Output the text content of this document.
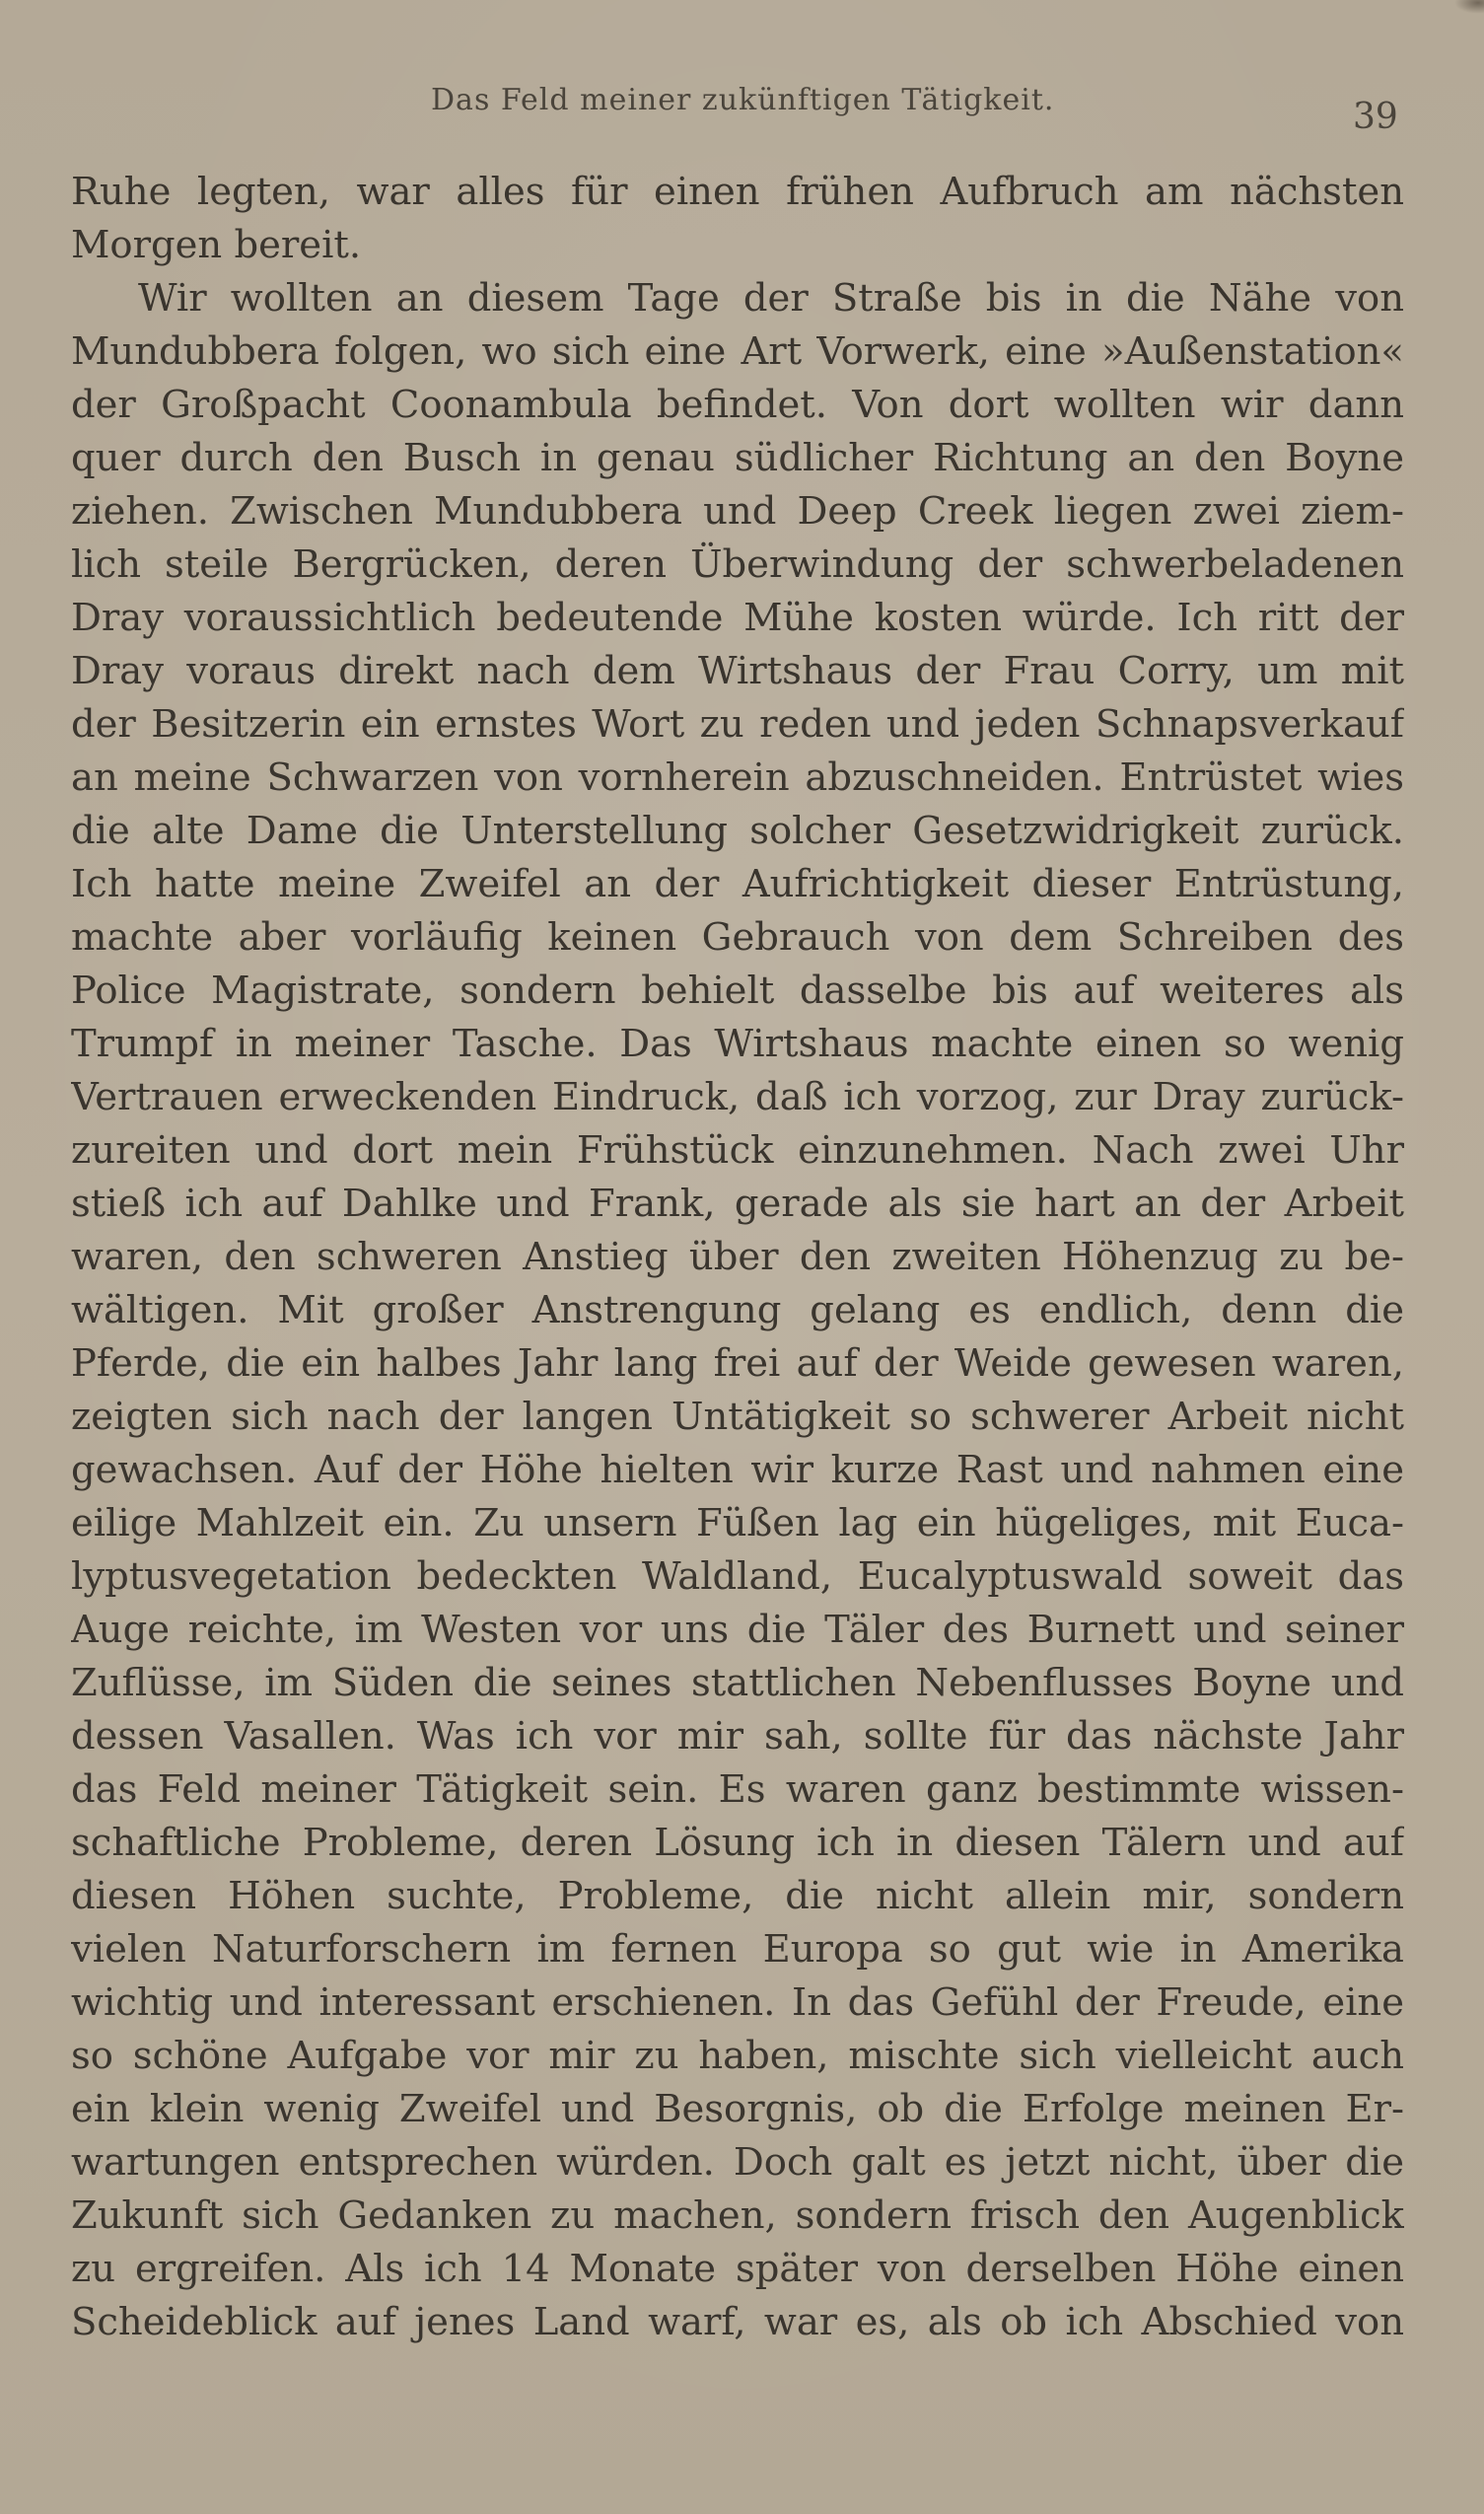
Das Feld meiner zukünftigen Tätigkeit.	39
Ruhe legten, war alles für einen frühen Aufbruch am nächsten
Morgen bereit.
Wir wollten an diesem Tage der Straße bis in die Nähe von
Mundubbera folgen, wo sich eine Art Vorwerk, eine »Außenstation«
der Großpacht Coonambula befindet. Von dort wollten wir dann
quer durch den Busch in genau südlicher Richtung an den Boyne
ziehen. Zwischen Mundubbera und Deep Creek liegen zwei ziem-
lich steile Bergrücken, deren Überwindung der schwerbeladenen
Dray voraussichtlich bedeutende Mühe kosten würde. Ich ritt der
Dray voraus direkt nach dem Wirtshaus der Frau Corry, um mit
der Besitzerin ein ernstes Wort zu reden und jeden Schnapsverkauf
an meine Schwarzen von vornherein abzuschneiden. Entrüstet wies
die alte Dame die Unterstellung solcher Gesetzwidrigkeit zurück.
Ich hatte meine Zweifel an der Aufrichtigkeit dieser Entrüstung,
machte aber vorläufig keinen Gebrauch von dem Schreiben des
Police Magistrate, sondern behielt dasselbe bis auf weiteres als
Trumpf in meiner Tasche. Das Wirtshaus machte einen so wenig
Vertrauen erweckenden Eindruck, daß ich vorzog, zur Dray zurück-
zureiten und dort mein Frühstück einzunehmen. Nach zwei Uhr
stieß ich auf Dahlke und Frank, gerade als sie hart an der Arbeit
waren, den schweren Anstieg über den zweiten Höhenzug zu be-
wältigen. Mit großer Anstrengung gelang es endlich, denn die
Pferde, die ein halbes Jahr lang frei auf der Weide gewesen waren,
zeigten sich nach der langen Untätigkeit so schwerer Arbeit nicht
gewachsen. Auf der Höhe hielten wir kurze Rast und nahmen eine
eilige Mahlzeit ein. Zu unsern Füßen lag ein hügeliges, mit Euca-
lyptusvegetation bedeckten Waldland, Eucalyptuswald soweit das
Auge reichte, im Westen vor uns die Täler des Burnett und seiner
Zuflüsse, im Süden die seines stattlichen Nebenflusses Boyne und
dessen Vasallen. Was ich vor mir sah, sollte für das nächste Jahr
das Feld meiner Tätigkeit sein. Es waren ganz bestimmte wissen-
schaftliche Probleme, deren Lösung ich in diesen Tälern und auf
diesen Höhen suchte, Probleme, die nicht allein mir, sondern
vielen Naturforschern im fernen Europa so gut wie in Amerika
wichtig und interessant erschienen. In das Gefühl der Freude, eine
so schöne Aufgabe vor mir zu haben, mischte sich vielleicht auch
ein klein wenig Zweifel und Besorgnis, ob die Erfolge meinen Er-
wartungen entsprechen würden. Doch galt es jetzt nicht, über die
Zukunft sich Gedanken zu machen, sondern frisch den Augenblick
zu ergreifen. Als ich 14 Monate später von derselben Höhe einen
Scheideblick auf jenes Land warf, war es, als ob ich Abschied von
